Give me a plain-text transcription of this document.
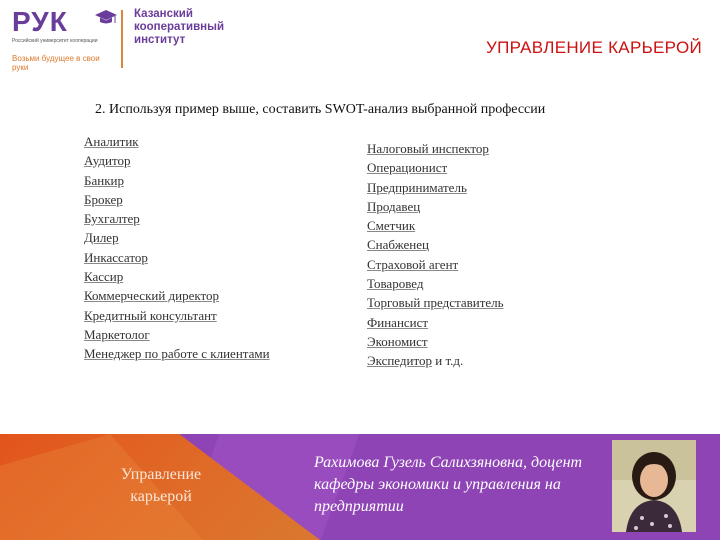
РУК
Российский университет кооперации
Возьми будущее в свои руки
Казанский
кооперативный
институт	УПРАВЛЕНИЕ КАРЬЕРОЙ
2. Используя пример выше, составить SWOT-анализ выбранной профессии
Аналитик
Аудитор
Банкир
Брокер
Бухгалтер
Дилер
Инкассатор
Кассир
Коммерческий директор
Кредитный консультант
Маркетолог
Менеджер по работе с клиентами
Налоговый инспектор
Операционист
Предприниматель
Продавец
Сметчик
Снабженец
Страховой агент
Товаровед
Торговый представитель
Финансист
Экономист
Экспедитор и т.д.
Управление карьерой
Рахимова Гузель Салихзяновна, доцент кафедры экономики и управления на предприятии
